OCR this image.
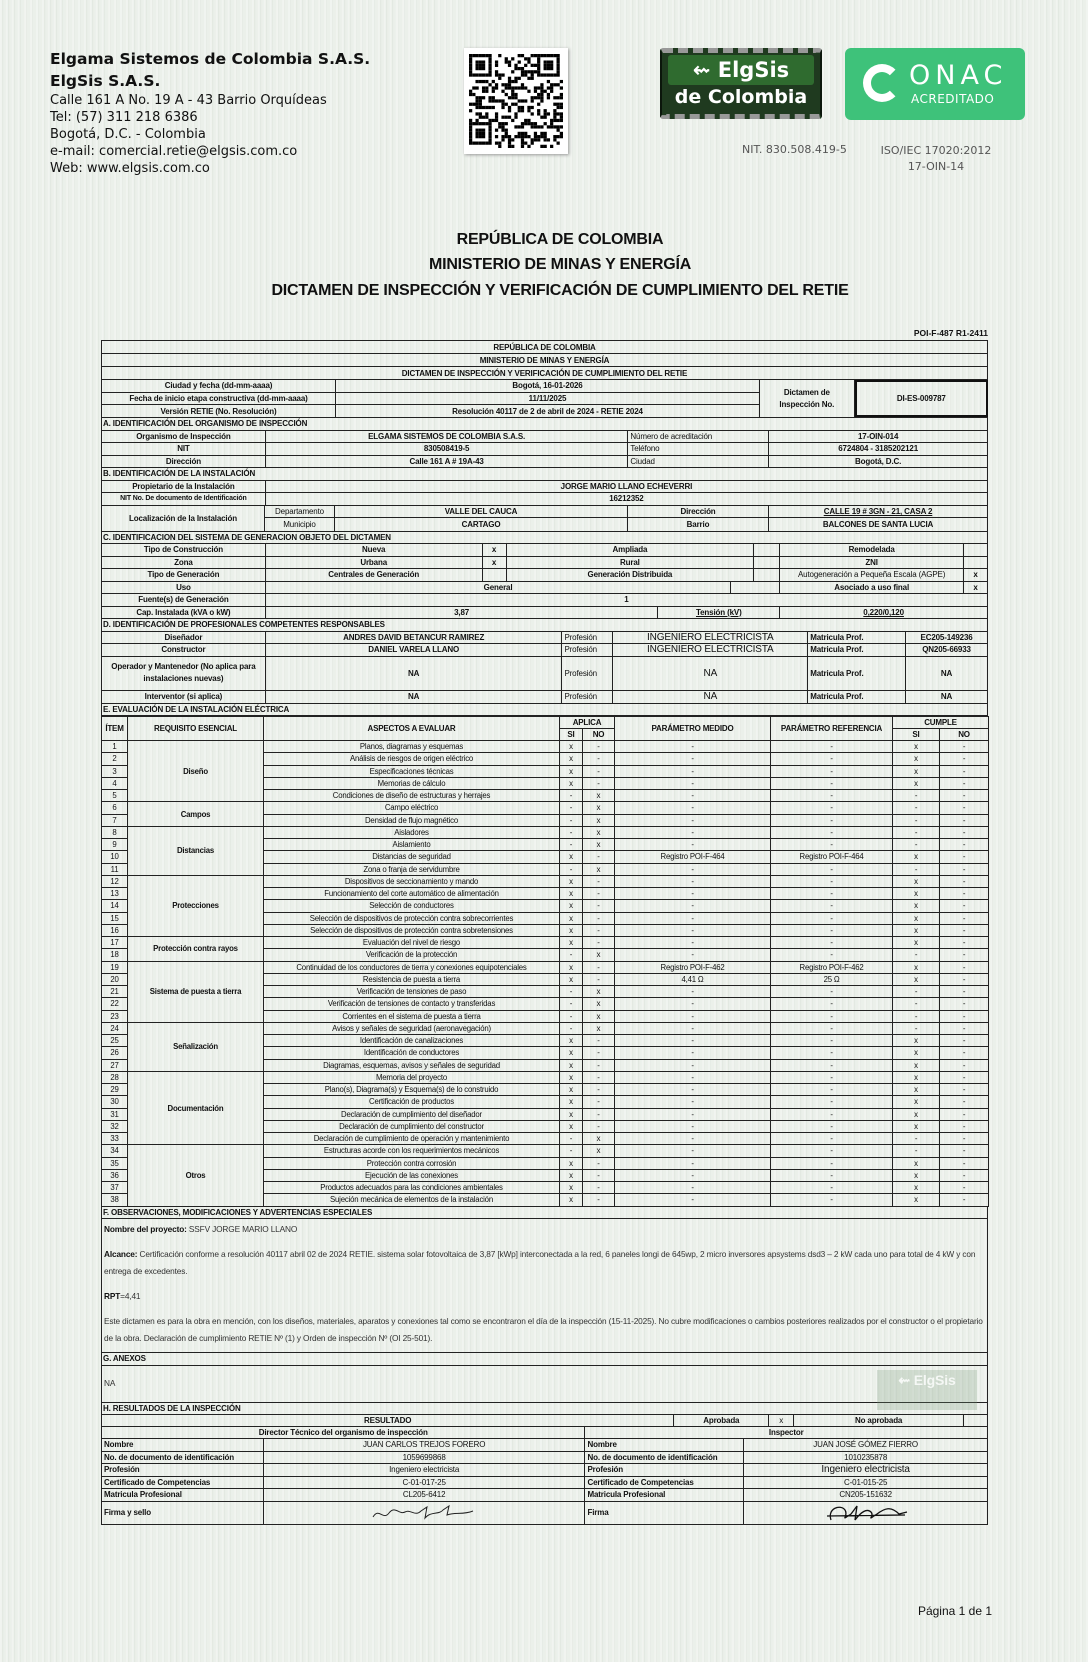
Elgama Sistemos de Colombia S.A.S.
ElgSis S.A.S.
Calle 161 A No. 19 A - 43 Barrio Orquídeas
Tel: (57) 311 218 6386
Bogotá, D.C. - Colombia
e-mail: comercial.retie@elgsis.com.co
Web: www.elgsis.com.co
⇜ ElgSis
de Colombia
NIT. 830.508.419-5
ONAC
ACREDITADO
ISO/IEC 17020:2012
17-OIN-14
REPÚBLICA DE COLOMBIA
MINISTERIO DE MINAS Y ENERGÍA
DICTAMEN DE INSPECCIÓN Y VERIFICACIÓN DE CUMPLIMIENTO DEL RETIE
POI-F-487 R1-2411
REPÚBLICA DE COLOMBIA
MINISTERIO DE MINAS Y ENERGÍA
DICTAMEN DE INSPECCIÓN Y VERIFICACIÓN DE CUMPLIMIENTO DEL RETIE
Ciudad y fecha (dd-mm-aaaa)	Bogotá, 16-01-2026
Fecha de inicio etapa constructiva (dd-mm-aaaa)	11/11/2025
Versión RETIE (No. Resolución)	Resolución 40117 de 2 de abril de 2024 - RETIE 2024
Dictamen de
Inspección No.
DI-ES-009787
A. IDENTIFICACIÓN DEL ORGANISMO DE INSPECCIÓN
Organismo de Inspección	ELGAMA SISTEMOS DE COLOMBIA S.A.S.	Número de acreditación	17-OIN-014
NIT	830508419-5	Teléfono	6724804 - 3185202121
Dirección	Calle 161 A # 19A-43	Ciudad	Bogotá, D.C.
B. IDENTIFICACIÓN DE LA INSTALACIÓN
Propietario de la Instalación	JORGE MARIO LLANO ECHEVERRI
NIT No. De documento de Identificación	16212352
Localización de la Instalación
Departamento	VALLE DEL CAUCA	Dirección	CALLE 19 # 3GN - 21, CASA 2
Municipio	CARTAGO	Barrio	BALCONES DE SANTA LUCIA
C. IDENTIFICACION DEL SISTEMA DE GENERACION OBJETO DEL DICTAMEN
Tipo de Construcción	Nueva	x	Ampliada	Remodelada
Zona	Urbana	x	Rural	ZNI
Tipo de Generación	Centrales de Generación	Generación Distribuida	Autogeneración a Pequeña Escala (AGPE)	x
Uso	General	Asociado a uso final	x
Fuente(s) de Generación	1
Cap. Instalada (kVA o kW)	3,87	Tensión (kV)	0,220/0,120
D. IDENTIFICACIÓN DE PROFESIONALES COMPETENTES RESPONSABLES
Diseñador	ANDRES DAVID BETANCUR RAMIREZ	Profesión	INGENIERO ELECTRICISTA	Matricula Prof.	EC205-149236
Constructor	DANIEL VARELA LLANO	Profesión	INGENIERO ELECTRICISTA	Matricula Prof.	QN205-66933
Operador y Mantenedor (No aplica para instalaciones nuevas)
NA	Profesión	NA	Matricula Prof.	NA
Interventor (si aplica)	NA	Profesión	NA	Matricula Prof.	NA
E. EVALUACIÓN DE LA INSTALACIÓN ELÉCTRICA
ÍTEM	REQUISITO ESENCIAL	ASPECTOS A EVALUAR	APLICA		PARÁMETRO MEDIDO	PARÁMETRO REFERENCIA	CUMPLE	
			SI	NO			SI	NO
1	Diseño	Planos, diagramas y esquemas	x	-	-	-	x	-
2		Análisis de riesgos de origen eléctrico	x	-	-	-	x	-
3		Especificaciones técnicas	x	-	-	-	x	-
4		Memorias de cálculo	x	-	-	-	x	-
5		Condiciones de diseño de estructuras y herrajes	-	x	-	-	-	-
6	Campos	Campo eléctrico	-	x	-	-	-	-
7		Densidad de flujo magnético	-	x	-	-	-	-
8	Distancias	Aisladores	-	x	-	-	-	-
9		Aislamiento	-	x	-	-	-	-
10		Distancias de seguridad	x	-	Registro POI-F-464	Registro POI-F-464	x	-
11		Zona o franja de servidumbre	-	x	-	-	-	-
12	Protecciones	Dispositivos de seccionamiento y mando	x	-	-	-	x	-
13		Funcionamiento del corte automático de alimentación	x	-	-	-	x	-
14		Selección de conductores	x	-	-	-	x	-
15		Selección de dispositivos de protección contra sobrecorrientes	x	-	-	-	x	-
16		Selección de dispositivos de protección contra sobretensiones	x	-	-	-	x	-
17	Protección contra rayos	Evaluación del nivel de riesgo	x	-	-	-	x	-
18		Verificación de la protección	-	x	-	-	-	-
19	Sistema de puesta a tierra	Continuidad de los conductores de tierra y conexiones equipotenciales	x	-	Registro POI-F-462	Registro POI-F-462	x	-
20		Resistencia de puesta a tierra	x	-	4,41 Ω	25 Ω	x	-
21		Verificación de tensiones de paso	-	x	-	-	-	-
22		Verificación de tensiones de contacto y transferidas	-	x	-	-	-	-
23		Corrientes en el sistema de puesta a tierra	-	x	-	-	-	-
24	Señalización	Avisos y señales de seguridad (aeronavegación)	-	x	-	-	-	-
25		Identificación de canalizaciones	x	-	-	-	x	-
26		Identificación de conductores	x	-	-	-	x	-
27		Diagramas, esquemas, avisos y señales de seguridad	x	-	-	-	x	-
28	Documentación	Memoria del proyecto	x	-	-	-	x	-
29		Plano(s), Diagrama(s) y Esquema(s) de lo construido	x	-	-	-	x	-
30		Certificación de productos	x	-	-	-	x	-
31		Declaración de cumplimiento del diseñador	x	-	-	-	x	-
32		Declaración de cumplimiento del constructor	x	-	-	-	x	-
33		Declaración de cumplimiento de operación y mantenimiento	-	x	-	-	-	-
34	Otros	Estructuras acorde con los requerimientos mecánicos	-	x	-	-	-	-
35		Protección contra corrosión	x	-	-	-	x	-
36		Ejecución de las conexiones	x	-	-	-	x	-
37		Productos adecuados para las condiciones ambientales	x	-	-	-	x	-
38		Sujeción mecánica de elementos de la instalación	x	-	-	-	x	-
F. OBSERVACIONES, MODIFICACIONES Y ADVERTENCIAS ESPECIALES
Nombre del proyecto: SSFV JORGE MARIO LLANO
Alcance: Certificación conforme a resolución 40117 abril 02 de 2024 RETIE. sistema solar fotovoltaica de 3,87 [kWp] interconectada a la red, 6 paneles longi de 645wp, 2 micro inversores apsystems dsd3 – 2 kW cada uno para total de 4 kW y con entrega de excedentes.
RPT=4,41
Este dictamen es para la obra en mención, con los diseños, materiales, aparatos y conexiones tal como se encontraron el día de la inspección (15-11-2025). No cubre modificaciones o cambios posteriores realizados por el constructor o el propietario de la obra. Declaración de cumplimiento RETIE Nº (1) y Orden de inspección Nº (OI 25-501).
G. ANEXOS
NA	⇜ ElgSis
H. RESULTADOS DE LA INSPECCIÓN
RESULTADO	Aprobada	x	No aprobada
Director Técnico del organismo de inspección	Inspector
Nombre	JUAN CARLOS TREJOS FORERO	Nombre	JUAN JOSÉ GÓMEZ FIERRO
No. de documento de identificación	1059699868	No. de documento de identificación	1010235878
Profesión	Ingeniero electricista	Profesión	Ingeniero electricista
Certificado de Competencias	C-01-017-25	Certificado de Competencias	C-01-015-25
Matricula Profesional	CL205-6412	Matricula Profesional	CN205-151632
Firma y sello	Firma
Página 1 de 1
